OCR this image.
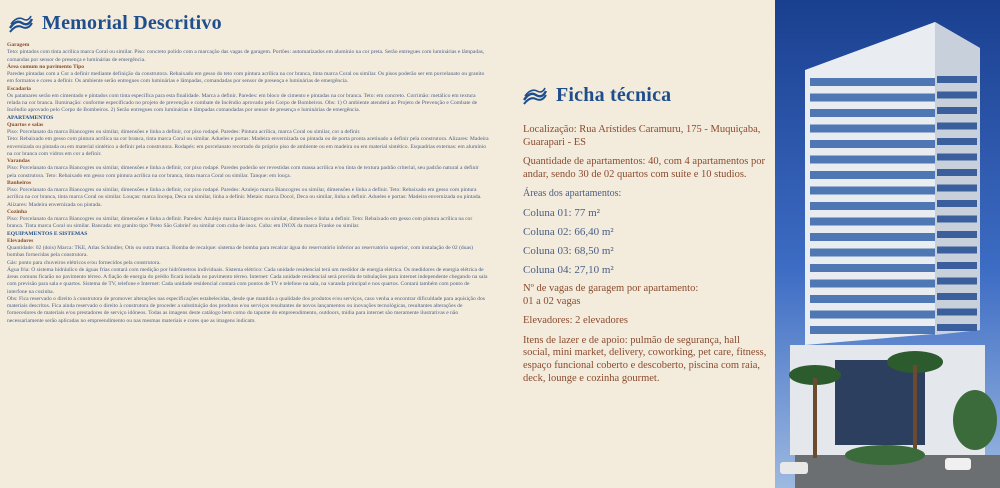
Memorial Descritivo

Garagem
Teto: pintados com tinta acrílica marca Coral ou similar. Piso: concreto polido com a marcação das vagas de garagem. Portões: automatizados em alumínio na cor preta. Serão entregues com luminárias e lâmpadas, comandas por sensor de presença e luminárias de emergência.

Área comum no pavimento Tipo
Paredes pintadas com a Cor a definir mediante definição da construtora. Rebaixado em gesso do teto com pintura acrílica na cor branca, tinta marca Coral ou similar. Os pisos poderão ser em porcelanato ou granito em formatos e cores a definir. Os ambiente serão entregues com luminárias e lâmpadas, comandadas por sensor de presença e luminárias de emergência.

Escadaria
Os patamares serão em cimentado e pintados com tinta específica para esta finalidade. Marca a definir. Paredes: em bloco de cimento e pintadas na cor branca. Teto: em concreto. Corrimão: metálico em textura relada na cor branca. Iluminação: conforme especificado no projeto de prevenção e combate de Incêndio aprovado pelo Corpo de Bombeiros. Obs: 1) O ambiente atenderá ao Projeto de Prevenção e Combate de Incêndio aprovado pelo Corpo de Bombeiros. 2) Serão entregues com luminárias e lâmpadas comandadas por sensor de presença e luminárias de emergência.

APARTAMENTOS

Quartos e salas
Piso: Porcelanato da marca Biancogres ou similar, dimensões e linha a definir, cor piso rodapé. Paredes: Pintura acrílica, marca Coral ou similar, cor a definir.

Teto: Rebaixado em gesso com pintura acrílica na cor branca, tinta marca Coral ou similar. Adueles e portas: Madeira envernizada ou pintada ou de porta pronta acetinado a definir pela construtora. Alizares: Madeira envernizada ou pintada ou em material sintético a definir pela construtora. Rodapés: em porcelanato recortado do próprio piso de ambiente ou em madeira ou em material sintético. Esquadrias externas: em alumínio na cor branca com vidros em cor a definir.

Varandas
Piso: Porcelanato da marca Biancogres ou similar, dimensões e linha a definir, cor piso rodapé. Paredes poderão ser revestidas com massa acrílica e/ou tinta de textura padrão criterial, seu padrão natural a definir pela construtora. Teto: Rebaixado em gesso com pintura acrílica na cor branca, tinta marca Coral ou similar. Tanque: em louça.

Banheiros
Piso: Porcelanato da marca Biancogres ou similar, dimensões e linha a definir, cor piso rodapé. Paredes: Azulejo marca Biancogres ou similar, dimensões e linha a definir. Teto: Rebaixado em gesso com pintura acrílica na cor branca, tinta marca Coral ou similar. Louças: marca Incepa, Deca ou similar, linha a definir. Metais: marca Docol, Deca ou similar, linha a definir. Adueles e portas: Madeira envernizada ou pintada. Alizares: Madeira envernizada ou pintada.

Cozinha
Piso: Porcelanato da marca Biancogres ou similar, dimensões e linha a definir. Paredes: Azulejo marca Biancogres ou similar, dimensões e linha a definir. Teto: Rebaixado em gesso com pintura acrílica na cor branca. Tinta marca Coral ou similar. Bancada: em granito tipo 'Preto São Gabriel' ou similar com cuba de inox. Cuba: em INOX da marca Franke ou similar.

EQUIPAMENTOS E SISTEMAS

Elevadores
Quantidade: 02 (dois) Marca: TKE, Atlas Schindler, Otis ou outra marca. Bomba de recalque: sistema de bomba para recalcar água do reservatório inferior ao reservatório superior, com instalação de 02 (duas) bombas fornecidas pela construtora.

Gás: ponto para chuveiros elétricos e/ou fornecidos pela construtora.

Água fria: O sistema hidráulico de águas frias contará com medição por hidrômetros individuais. Sistema elétrico: Cada unidade residencial terá um medidor de energia elétrica. Os medidores de energia elétrica de áreas comuns ficarão no pavimento térreo. A fiação de energia do prédio ficará isolada no pavimento térreo. Internet: Cada unidade residencial será provida de tubulações para internet independente chegando na sala com previsão para sala e quartos. Sistema de TV, telefone e Internet: Cada unidade residencial contará com pontos de TV e telefone na sala, na varanda principal e nos quartos. Contará também com ponto de interfone na cozinha.

Obs: Fica reservado o direito à construtora de promover alterações nas especificações estabelecidas, desde que mantida a qualidade dos produtos e/ou serviços, caso venha a encontrar dificuldade para aquisição dos materiais descritos. Fica ainda reservado o direito à construtora de proceder a substituição dos produtos e/ou serviços resultantes de novos lançamentos ou inovações tecnológicas, resultantes alterações de fornecedores de materiais e/ou prestadores de serviço idôneos. Todas as imagens deste catálogo bem como do tapume do empreendimento, outdoors, mídia para internet são meramente ilustrativas e não necessariamente serão aplicadas no empreendimento ou nas mesmas materiais e cores que as imagens indicam.

Ficha técnica

Localização: Rua Arístides Caramuru, 175 - Muquiçaba, Guarapari - ES

Quantidade de apartamentos: 40, com 4 apartamentos por andar, sendo 30 de 02 quartos com suíte e 10 studios.

Áreas dos apartamentos:

Coluna 01: 77 m²

Coluna 02: 66,40 m²

Coluna 03: 68,50 m²

Coluna 04: 27,10 m²

Nº de vagas de garagem por apartamento:
01 a 02 vagas

Elevadores: 2 elevadores

Itens de lazer e de apoio: pulmão de segurança, hall social, mini market, delivery, coworking, pet care, fitness, espaço funcional coberto e descoberto, piscina com raia, deck, lounge e cozinha gourmet.
